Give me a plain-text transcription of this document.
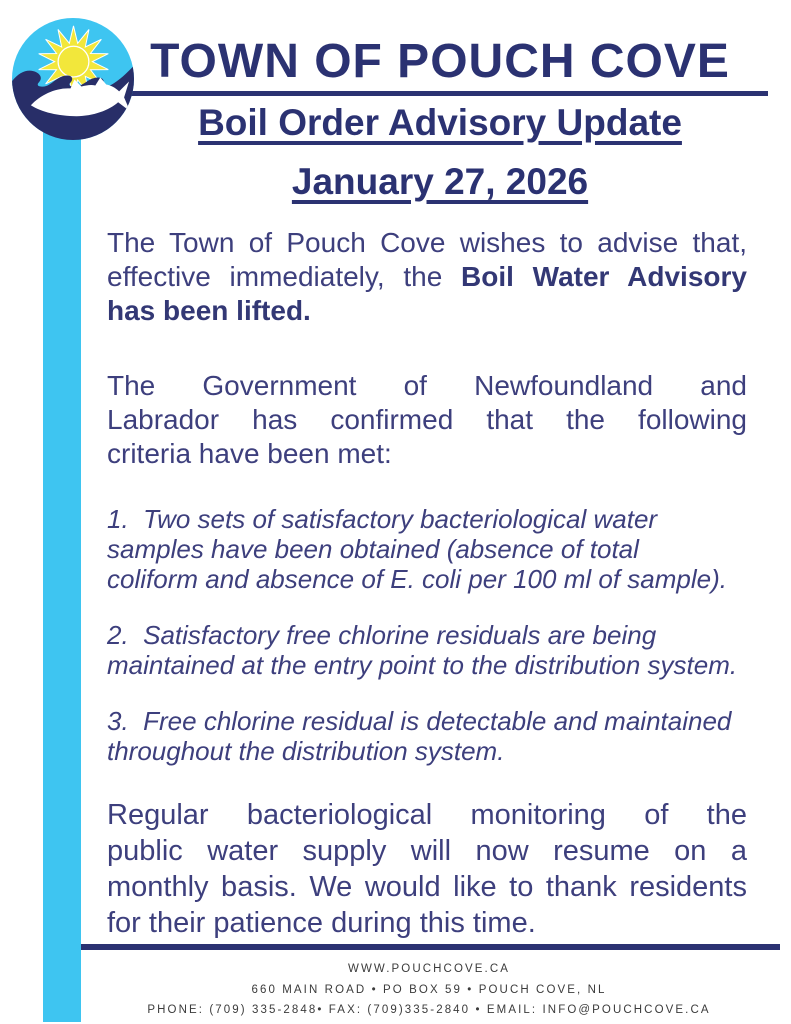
TOWN OF POUCH COVE
Boil Order Advisory Update
January 27, 2026
The Town of Pouch Cove wishes to advise that,
effective immediately, the Boil Water Advisory
has been lifted.
The Government of Newfoundland and
Labrador has confirmed that the following
criteria have been met:
1.  Two sets of satisfactory bacteriological water
samples have been obtained (absence of total
coliform and absence of E. coli per 100 ml of sample).
2.  Satisfactory free chlorine residuals are being
maintained at the entry point to the distribution system.
3.  Free chlorine residual is detectable and maintained
throughout the distribution system.
Regular bacteriological monitoring of the
public water supply will now resume on a
monthly basis. We would like to thank residents
for their patience during this time.
WWW.POUCHCOVE.CA
660 MAIN ROAD • PO BOX 59 • POUCH COVE, NL
PHONE: (709) 335-2848• FAX: (709)335-2840 • EMAIL: INFO@POUCHCOVE.CA
